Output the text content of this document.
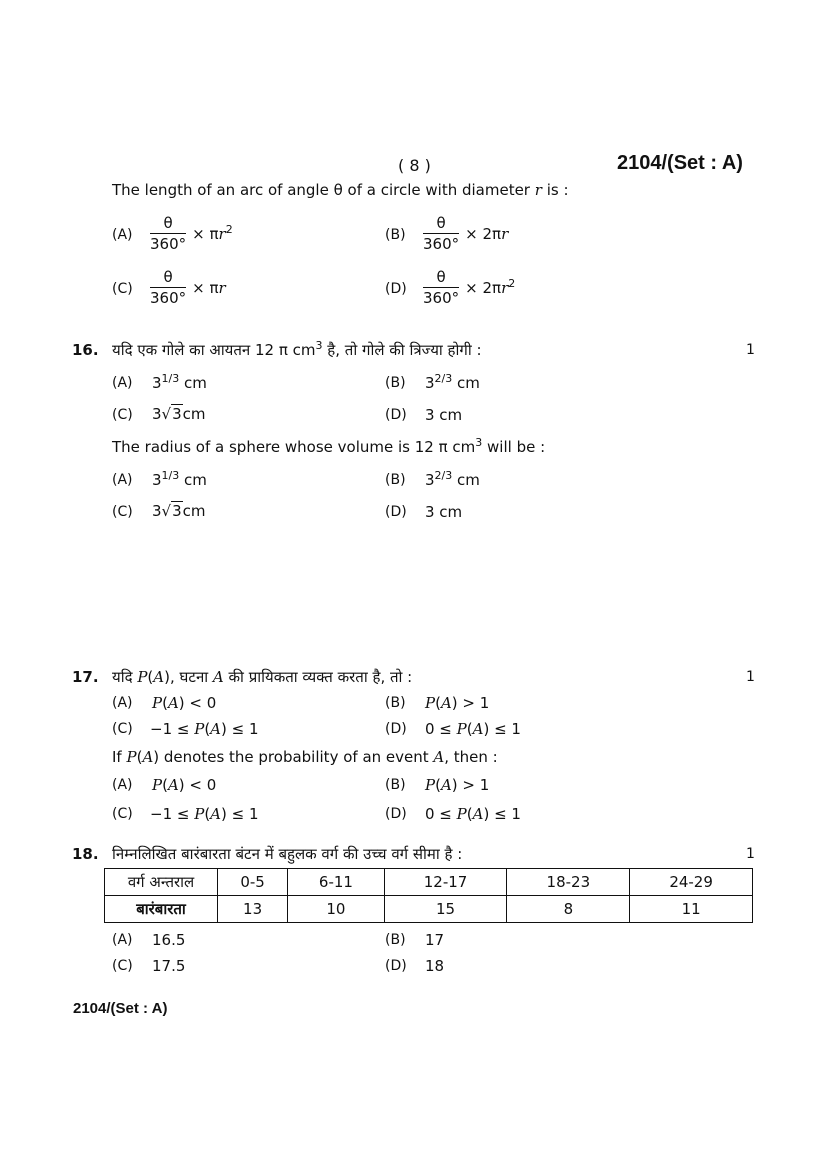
( 8 )	2104/(Set : A)
The length of an arc of angle θ of a circle with diameter r is :
$(A) \frac{\theta}{360^\circ} \times \pi r^2$	$(B) \frac{\theta}{360^\circ} \times 2\pi r$
$(C) \frac{\theta}{360^\circ} \times \pi r$	$(D) \frac{\theta}{360^\circ} \times 2\pi r^2$
16. यदि एक गोले का आयतन 12 π $cm^3$ है, तो गोले की त्रिज्या होगी :	1
(A) $3^{1/3}$ cm	(B) $3^{2/3}$ cm
(C) 3√3cm	(D) 3 cm
The radius of a sphere whose volume is 12 π $cm^3$ will be :
(A) $3^{1/3}$ cm	(B) $3^{2/3}$ cm
(C) 3√3cm	(D) 3 cm
17. यदि P(A), घटना A की प्रायिकता व्यक्त करता है, तो :	1
(A) P(A) < 0	(B) P(A) > 1
(C) −1 ≤ P(A) ≤ 1	(D) 0 ≤ P(A) ≤ 1
If P(A) denotes the probability of an event A, then :
(A) P(A) < 0	(B) P(A) > 1
(C) −1 ≤ P(A) ≤ 1	(D) 0 ≤ P(A) ≤ 1
18. निम्नलिखित बारंबारता बंटन में बहुलक वर्ग की उच्च वर्ग सीमा है :	1
वर्ग अन्तराल	0-5	6-11	12-17	18-23	24-29
बारंबारता	13	10	15	8	11
(A) 16.5	(B) 17
(C) 17.5	(D) 18
2104/(Set : A)
